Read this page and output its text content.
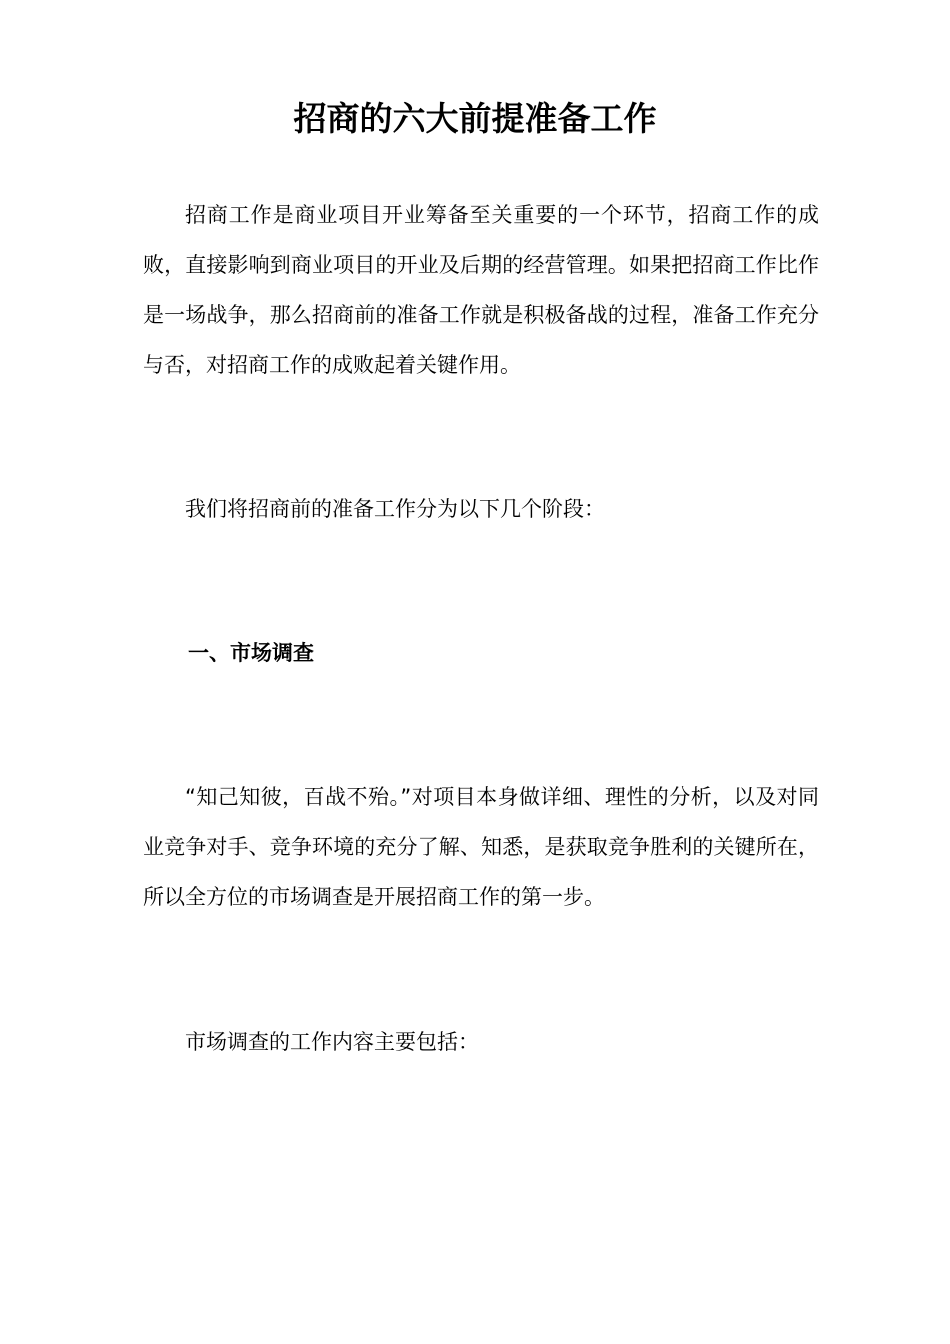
招商的六大前提准备工作

招商工作是商业项目开业筹备至关重要的一个环节，招商工作的成败，直接影响到商业项目的开业及后期的经营管理。如果把招商工作比作是一场战争，那么招商前的准备工作就是积极备战的过程，准备工作充分与否，对招商工作的成败起着关键作用。

我们将招商前的准备工作分为以下几个阶段：

一、市场调查

“知己知彼，百战不殆。”对项目本身做详细、理性的分析，以及对同业竞争对手、竞争环境的充分了解、知悉，是获取竞争胜利的关键所在，所以全方位的市场调查是开展招商工作的第一步。

市场调查的工作内容主要包括：
